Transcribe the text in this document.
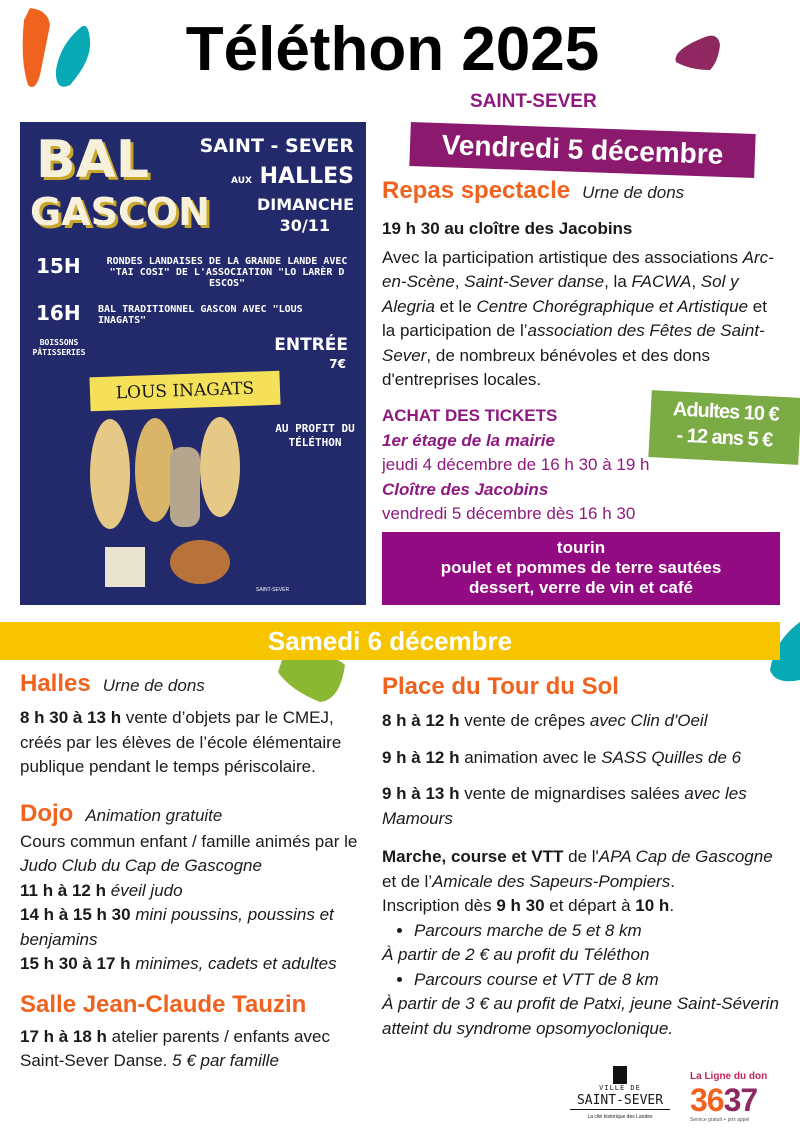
Téléthon 2025
SAINT-SEVER
BAL
GASCON
SAINT - SEVER
AUX HALLES
DIMANCHE
30/11
15H	RONDES LANDAISES DE LA GRANDE LANDE AVEC "TAI COSI" DE L'ASSOCIATION "LO LARÈR D ESCOS"
16H BAL TRADITIONNEL GASCON AVEC "LOUS INAGATS"
BOISSONS PÂTISSERIES	ENTRÉE
7€
LOUS INAGATS
AU PROFIT DU TÉLÉTHON
SAINT-SEVER
Vendredi 5 décembre
Repas spectacle Urne de dons
19 h 30 au cloître des Jacobins
Avec la participation artistique des associations Arc-en-Scène, Saint-Sever danse, la FACWA, Sol y Alegria et le Centre Chorégraphique et Artistique et la participation de l’association des Fêtes de Saint-Sever, de nombreux bénévoles et des dons d'entreprises locales.
ACHAT DES TICKETS
1er étage de la mairie
jeudi 4 décembre de 16 h 30 à 19 h
Cloître des Jacobins
vendredi 5 décembre dès 16 h 30
Adultes 10 €
- 12 ans 5 €
tourin
poulet et pommes de terre sautées
dessert, verre de vin et café
Samedi 6 décembre
Halles Urne de dons
8 h 30 à 13 h vente d’objets par le CMEJ, créés par les élèves de l’école élémentaire publique pendant le temps périscolaire.
Dojo Animation gratuite
Cours commun enfant / famille animés par le Judo Club du Cap de Gascogne
11 h à 12 h éveil judo
14 h à 15 h 30 mini poussins, poussins et benjamins
15 h 30 à 17 h minimes, cadets et adultes
Salle Jean-Claude Tauzin
17 h à 18 h atelier parents / enfants avec Saint-Sever Danse. 5 € par famille
Place du Tour du Sol
8 h à 12 h vente de crêpes avec Clin d'Oeil
9 h à 12 h animation avec le SASS Quilles de 6
9 h à 13 h vente de mignardises salées avec les Mamours
Marche, course et VTT de l'APA Cap de Gascogne et de l’Amicale des Sapeurs-Pompiers.
Inscription dès 9 h 30 et départ à 10 h.
• Parcours marche de 5 et 8 km
À partir de 2 € au profit du Téléthon
• Parcours course et VTT de 8 km
À partir de 3 € au profit de Patxi, jeune Saint-Séverin atteint du syndrome opsomyoclonique.
VILLE DE
SAINT-SEVER
La cité historique des Landes
La Ligne du don
3637
Service gratuit + prix appel
